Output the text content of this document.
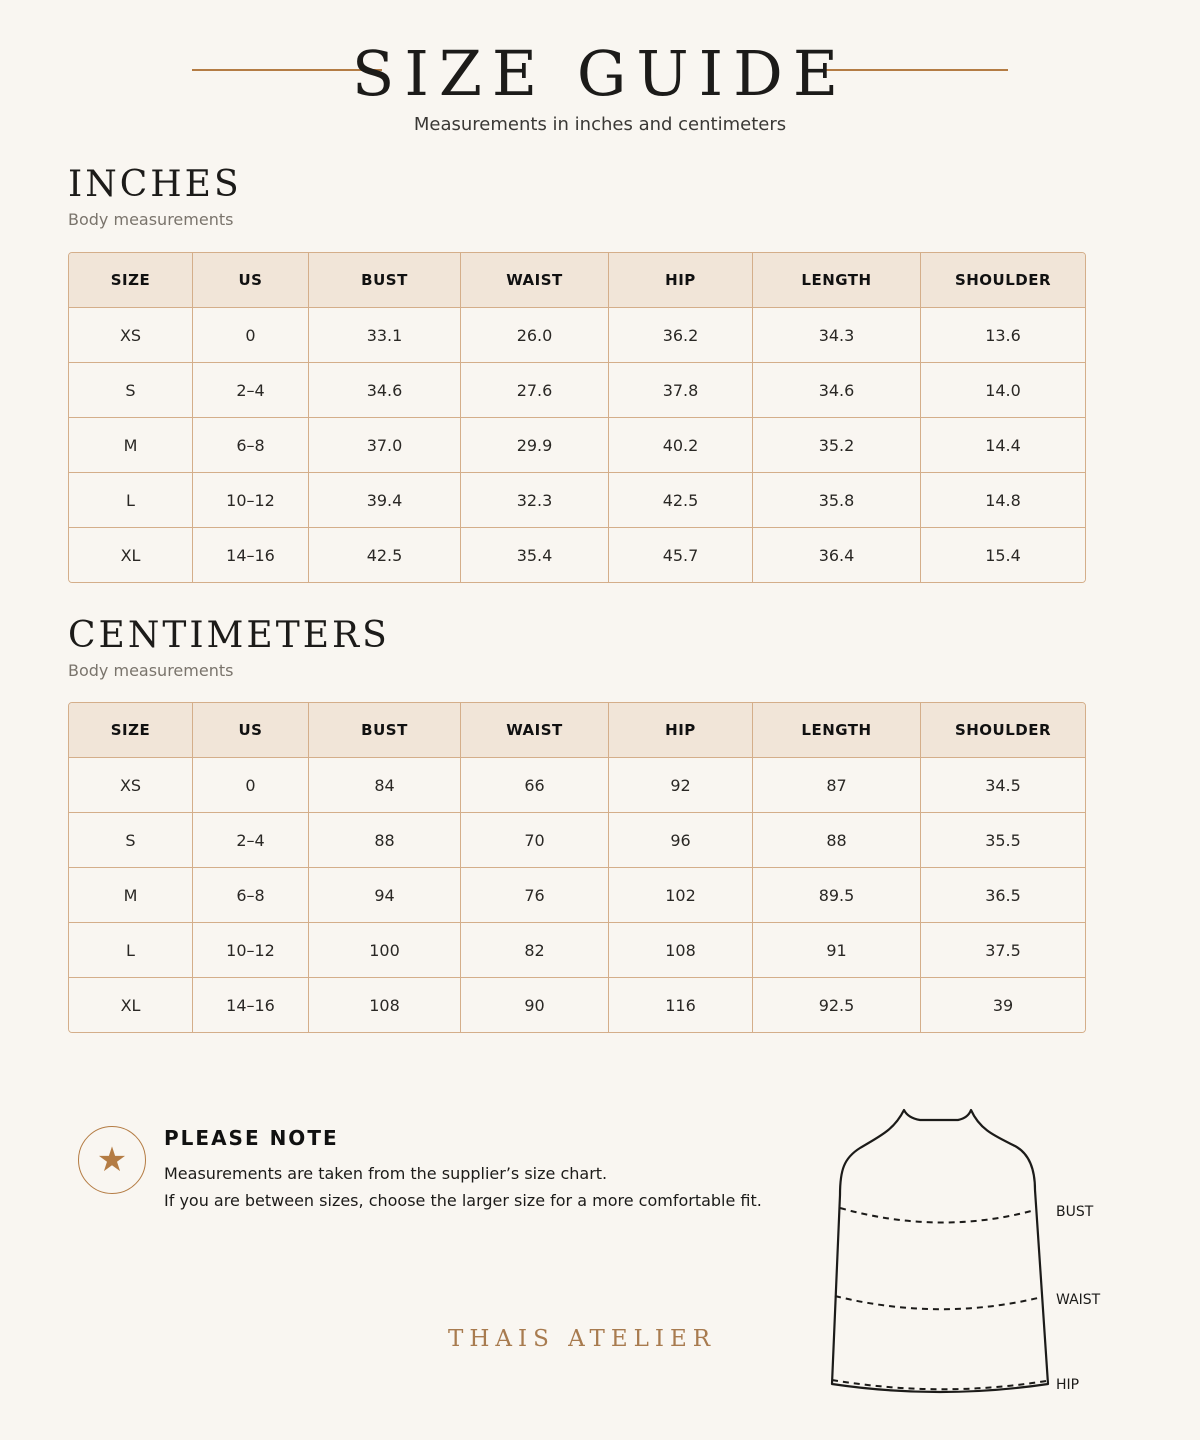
SIZE GUIDE
Measurements in inches and centimeters
INCHES
Body measurements
SIZE	US	BUST	WAIST	HIP	LENGTH	SHOULDER
XS	0	33.1	26.0	36.2	34.3	13.6
S	2–4	34.6	27.6	37.8	34.6	14.0
M	6–8	37.0	29.9	40.2	35.2	14.4
L	10–12	39.4	32.3	42.5	35.8	14.8
XL	14–16	42.5	35.4	45.7	36.4	15.4
CENTIMETERS
Body measurements
SIZE	US	BUST	WAIST	HIP	LENGTH	SHOULDER
XS	0	84	66	92	87	34.5
S	2–4	88	70	96	88	35.5
M	6–8	94	76	102	89.5	36.5
L	10–12	100	82	108	91	37.5
XL	14–16	108	90	116	92.5	39
★
PLEASE NOTE
Measurements are taken from the supplier’s size chart.
If you are between sizes, choose the larger size for a more comfortable fit.
THAIS ATELIER
BUST
WAIST
HIP
